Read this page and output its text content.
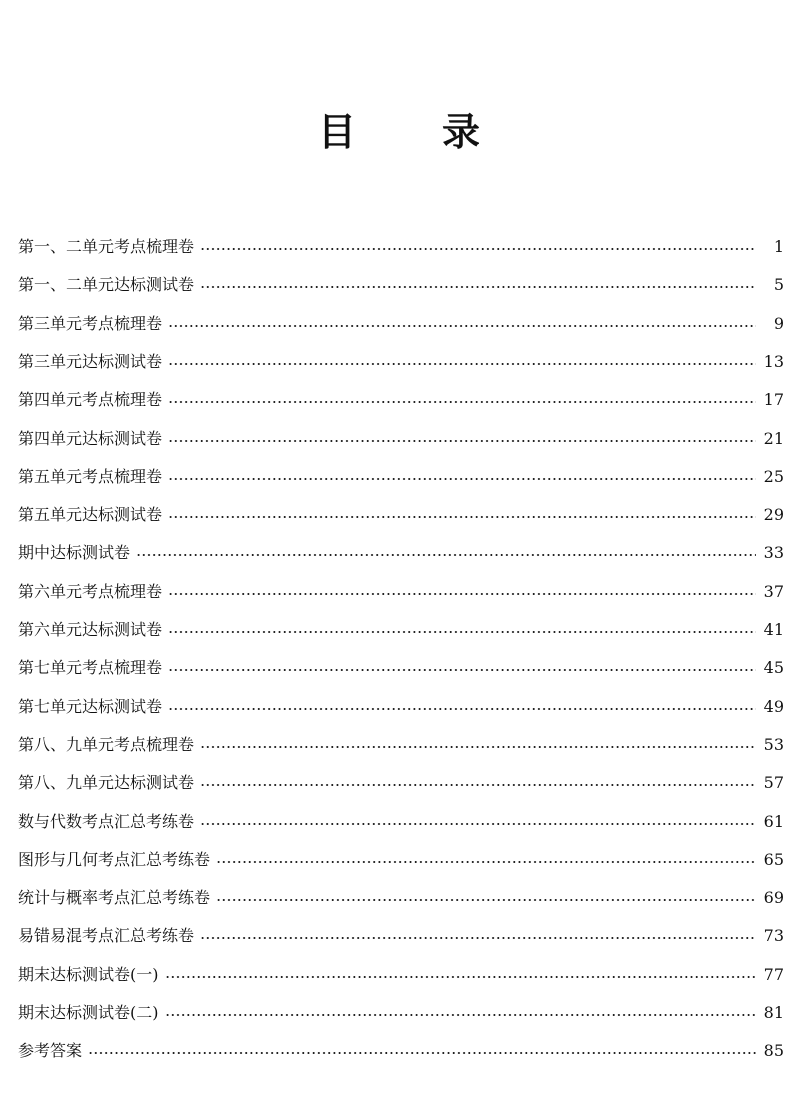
目 录
第一、二单元考点梳理卷	1
第一、二单元达标测试卷	5
第三单元考点梳理卷	9
第三单元达标测试卷	13
第四单元考点梳理卷	17
第四单元达标测试卷	21
第五单元考点梳理卷	25
第五单元达标测试卷	29
期中达标测试卷	33
第六单元考点梳理卷	37
第六单元达标测试卷	41
第七单元考点梳理卷	45
第七单元达标测试卷	49
第八、九单元考点梳理卷	53
第八、九单元达标测试卷	57
数与代数考点汇总考练卷	61
图形与几何考点汇总考练卷	65
统计与概率考点汇总考练卷	69
易错易混考点汇总考练卷	73
期末达标测试卷(一)	77
期末达标测试卷(二)	81
参考答案	85
